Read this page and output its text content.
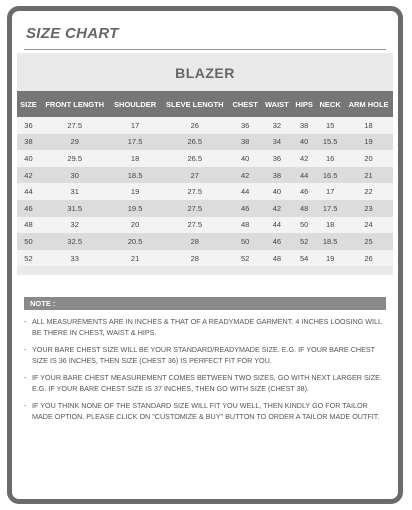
SIZE CHART
BLAZER
SIZE	FRONT LENGTH	SHOULDER	SLEVE LENGTH	CHEST	WAIST	HIPS	NECK	ARM HOLE
36	27.5	17	26	36	32	38	15	18
38	29	17.5	26.5	38	34	40	15.5	19
40	29.5	18	26.5	40	36	42	16	20
42	30	18.5	27	42	38	44	16.5	21
44	31	19	27.5	44	40	46	17	22
46	31.5	19.5	27.5	46	42	48	17.5	23
48	32	20	27.5	48	44	50	18	24
50	32.5	20.5	28	50	46	52	18.5	25
52	33	21	28	52	48	54	19	26
NOTE :
- ALL MEASUREMENTS ARE IN INCHES & THAT OF A READYMADE GARMENT. 4 INCHES LOOSING WILL BE THERE IN CHEST, WAIST & HIPS.
- YOUR BARE CHEST SIZE WILL BE YOUR STANDARD/READYMADE SIZE. E.G. IF YOUR BARE CHEST SIZE IS 36 INCHES, THEN SIZE (CHEST 36) IS PERFECT FIT FOR YOU.
- IF YOUR BARE CHEST MEASUREMENT COMES BETWEEN TWO SIZES, GO WITH NEXT LARGER SIZE. E.G. IF YOUR BARE CHEST SIZE IS 37 INCHES, THEN GO WITH SIZE (CHEST 38).
- IF YOU THINK NONE OF THE STANDARD SIZE WILL FIT YOU WELL, THEN KINDLY GO FOR TAILOR MADE OPTION. PLEASE CLICK ON "CUSTOMIZE & BUY" BUTTON TO ORDER A TAILOR MADE OUTFIT.
